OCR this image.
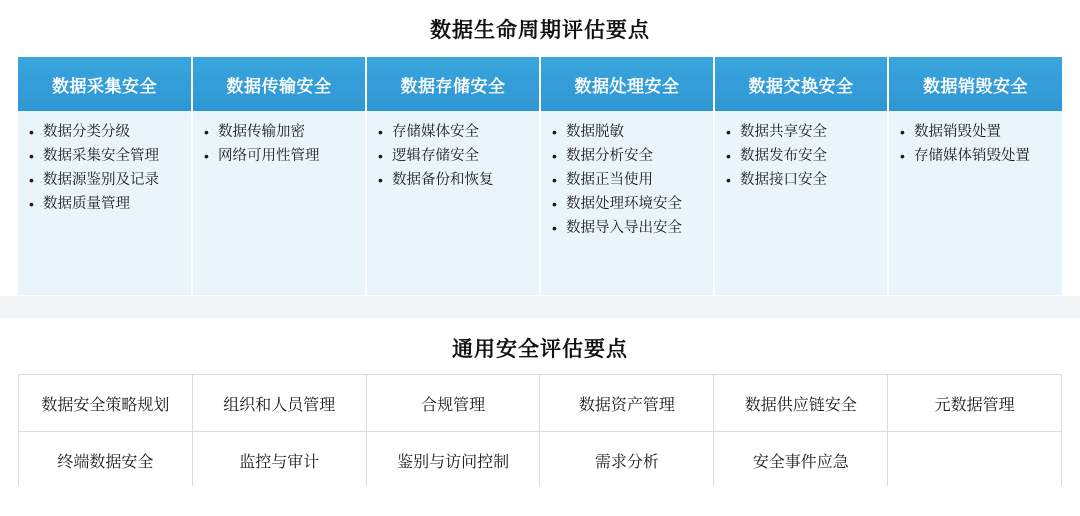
数据生命周期评估要点
数据采集安全	数据传输安全	数据存储安全	数据处理安全	数据交换安全	数据销毁安全

• 数据分类分级
• 数据采集安全管理
• 数据源鉴别及记录
• 数据质量管理

• 数据传输加密
• 网络可用性管理

• 存储媒体安全
• 逻辑存储安全
• 数据备份和恢复

• 数据脱敏
• 数据分析安全
• 数据正当使用
• 数据处理环境安全
• 数据导入导出安全

• 数据共享安全
• 数据发布安全
• 数据接口安全

• 数据销毁处置
• 存储媒体销毁处置
通用安全评估要点
数据安全策略规划	组织和人员管理	合规管理	数据资产管理	数据供应链安全	元数据管理
终端数据安全	监控与审计	鉴别与访问控制	需求分析	安全事件应急	
